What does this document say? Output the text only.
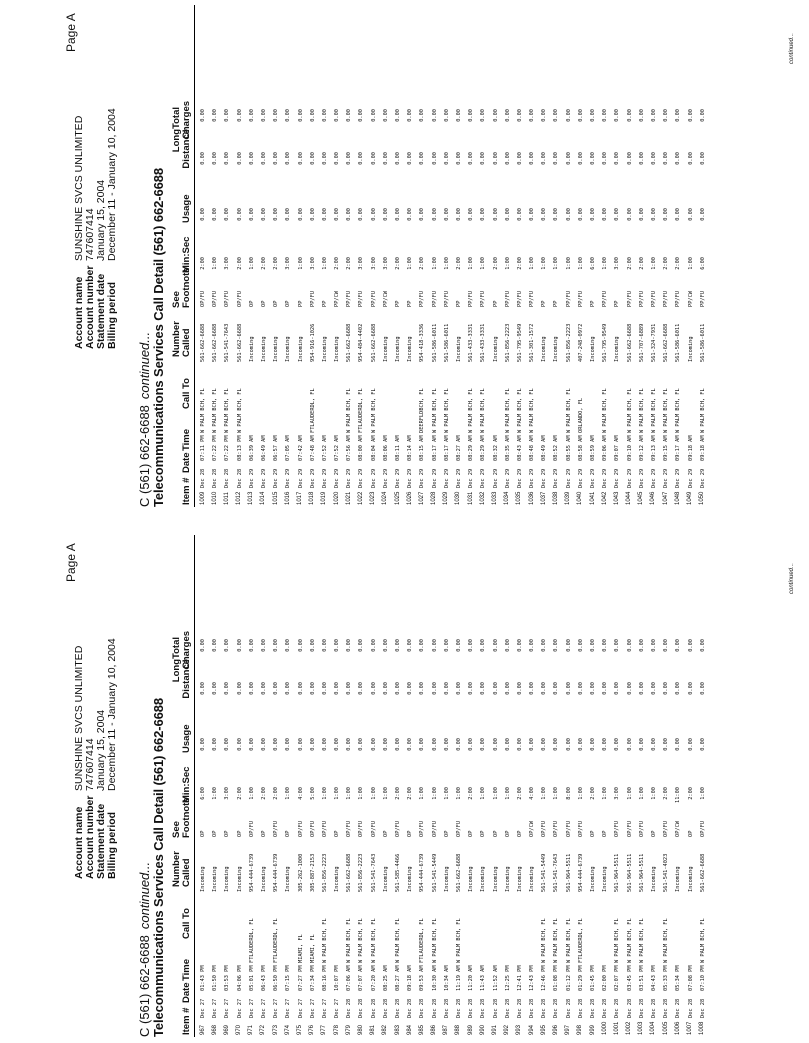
Page A
Account name
SUNSHINE SVCS UNLIMITED
Account number
747607414
Statement date
January 15, 2004
Billing period
December 11 - January 10, 2004
C (561) 662-6688continued... Telecommunications Services Call Detail (561) 662-6688 Item #
Date
Time
Call To
Number Called
See Footnote
Min:Sec
Usage
Long Distance
Total Charges
967
Dec 27
01:43 PM
Incoming
OP
6:00
0.00
0.00
0.00
968
Dec 27
01:50 PM
Incoming
OP
1:00
0.00
0.00
0.00
969
Dec 27
03:53 PM
Incoming
OP
3:00
0.00
0.00
0.00
970
Dec 27
04:06 PM
Incoming
OP
2:00
0.00
0.00
0.00
971
Dec 27
05:01 PM
FTLAUDERDL, FL
954-444-6739
OP/FU
1:00
0.00
0.00
0.00
972
Dec 27
06:43 PM
Incoming
OP
2:00
0.00
0.00
0.00
973
Dec 27
06:50 PM
FTLAUDERDL, FL
954-444-6739
OP/FU
2:00
0.00
0.00
0.00
974
Dec 27
07:15 PM
Incoming
OP
1:00
0.00
0.00
0.00
975
Dec 27
07:27 PM
MIAMI, FL
305-262-1000
OP/FU
4:00
0.00
0.00
0.00
976
Dec 27
07:34 PM
MIAMI, FL
305-887-2153
OP/FU
5:00
0.00
0.00
0.00
977
Dec 27
08:16 PM
W PALM BCH, FL
561-856-2223
OP/FU
1:00
0.00
0.00
0.00
978
Dec 27
10:07 PM
Incoming
OP
1:00
0.00
0.00
0.00
979
Dec 28
07:06 AM
W PALM BCH, FL
561-662-6688
OP/FU
1:00
0.00
0.00
0.00
980
Dec 28
07:07 AM
W PALM BCH, FL
561-856-2223
OP/FU
1:00
0.00
0.00
0.00
981
Dec 28
07:20 AM
W PALM BCH, FL
561-541-7643
OP/FU
1:00
0.00
0.00
0.00
982
Dec 28
08:25 AM
Incoming
OP
1:00
0.00
0.00
0.00
983
Dec 28
08:27 AM
W PALM BCH, FL
561-585-4466
OP/FU
2:00
0.00
0.00
0.00
984
Dec 28
09:18 AM
Incoming
OP
2:00
0.00
0.00
0.00
985
Dec 28
09:53 AM
FTLAUDERDL, FL
954-444-6739
OP/FU
1:00
0.00
0.00
0.00
986
Dec 28
10:30 AM
W PALM BCH, FL
561-541-5449
OP/FU
1:00
0.00
0.00
0.00
987
Dec 28
10:34 AM
Incoming
OP
1:00
0.00
0.00
0.00
988
Dec 28
11:19 AM
W PALM BCH, FL
561-662-6688
OP/FU
1:00
0.00
0.00
0.00
989
Dec 28
11:20 AM
Incoming
OP
2:00
0.00
0.00
0.00
990
Dec 28
11:43 AM
Incoming
OP
1:00
0.00
0.00
0.00
991
Dec 28
11:52 AM
Incoming
OP
1:00
0.00
0.00
0.00
992
Dec 28
12:25 PM
Incoming
OP
1:00
0.00
0.00
0.00
993
Dec 28
12:41 PM
Incoming
OP
2:00
0.00
0.00
0.00
994
Dec 28
12:43 PM
Incoming
OP/CW
4:00
0.00
0.00
0.00
995
Dec 28
12:46 PM
W PALM BCH, FL
561-541-5449
OP/FU
1:00
0.00
0.00
0.00
996
Dec 28
01:08 PM
W PALM BCH, FL
561-541-7643
OP/FU
1:00
0.00
0.00
0.00
997
Dec 28
01:12 PM
W PALM BCH, FL
561-964-5511
OP/FU
8:00
0.00
0.00
0.00
998
Dec 28
01:29 PM
FTLAUDERDL, FL
954-444-6739
OP/FU
1:00
0.00
0.00
0.00
999
Dec 28
01:45 PM
Incoming
OP
2:00
0.00
0.00
0.00
1000
Dec 28
02:00 PM
Incoming
OP
1:00
0.00
0.00
0.00
1001
Dec 28
02:07 PM
W PALM BCH, FL
561-964-5511
OP/FU
3:00
0.00
0.00
0.00
1002
Dec 28
03:45 PM
W PALM BCH, FL
561-964-5511
OP/FU
1:00
0.00
0.00
0.00
1003
Dec 28
03:51 PM
W PALM BCH, FL
561-964-5511
OP/FU
1:00
0.00
0.00
0.00
1004
Dec 28
04:43 PM
Incoming
OP
1:00
0.00
0.00
0.00
1005
Dec 28
05:33 PM
W PALM BCH, FL
561-541-4023
OP/FU
2:00
0.00
0.00
0.00
1006
Dec 28
05:34 PM
Incoming
OP/CW
11:00
0.00
0.00
0.00
1007
Dec 28
07:08 PM
Incoming
OP
2:00
0.00
0.00
0.00
1008
Dec 28
07:10 PM
W PALM BCH, FL
561-662-6688
OP/FU
1:00
0.00
0.00
0.00
continued...
Page A
Account name
SUNSHINE SVCS UNLIMITED
Account number
747607414
Statement date
January 15, 2004
Billing period
December 11 - January 10, 2004
C (561) 662-6688continued... Telecommunications Services Call Detail (561) 662-6688 Item #
Date
Time
Call To
Number Called
See Footnote
Min:Sec
Usage
Long Distance
Total Charges
1009
Dec 28
07:11 PM
W PALM BCH, FL
561-662-6688
OP/FU
2:00
0.00
0.00
0.00
1010
Dec 28
07:22 PM
W PALM BCH, FL
561-662-6688
OP/FU
1:00
0.00
0.00
0.00
1011
Dec 28
07:22 PM
W PALM BCH, FL
561-541-7643
OP/FU
3:00
0.00
0.00
0.00
1012
Dec 28
08:13 PM
W PALM BCH, FL
561-662-6688
OP/FU
2:00
0.00
0.00
0.00
1013
Dec 29
06:39 AM
Incoming
OP
1:00
0.00
0.00
0.00
1014
Dec 29
06:49 AM
Incoming
OP
2:00
0.00
0.00
0.00
1015
Dec 29
06:57 AM
Incoming
OP
2:00
0.00
0.00
0.00
1016
Dec 29
07:05 AM
Incoming
OP
3:00
0.00
0.00
0.00
1017
Dec 29
07:42 AM
Incoming
PP
1:00
0.00
0.00
0.00
1018
Dec 29
07:48 AM
FTLAUDERDL, FL
954-916-1026
PP/FU
3:00
0.00
0.00
0.00
1019
Dec 29
07:52 AM
Incoming
PP
1:00
0.00
0.00
0.00
1020
Dec 29
07:52 AM
Incoming
PP/CW
2:00
0.00
0.00
0.00
1021
Dec 29
07:56 AM
W PALM BCH, FL
561-662-6688
PP/FU
2:00
0.00
0.00
0.00
1022
Dec 29
08:00 AM
FTLAUDERDL, FL
954-484-4402
PP/FU
3:00
0.00
0.00
0.00
1023
Dec 29
08:04 AM
W PALM BCH, FL
561-662-6688
PP/FU
3:00
0.00
0.00
0.00
1024
Dec 29
08:06 AM
Incoming
PP/CW
3:00
0.00
0.00
0.00
1025
Dec 29
08:11 AM
Incoming
PP
2:00
0.00
0.00
0.00
1026
Dec 29
08:14 AM
Incoming
PP
1:00
0.00
0.00
0.00
1027
Dec 29
08:15 AM
DEERFLDBCH, FL
954-418-3336
PP/FU
2:00
0.00
0.00
0.00
1028
Dec 29
08:17 AM
W PALM BCH, FL
561-586-6011
PP/FU
1:00
0.00
0.00
0.00
1029
Dec 29
08:17 AM
W PALM BCH, FL
561-586-6011
PP/FU
1:00
0.00
0.00
0.00
1030
Dec 29
08:27 AM
Incoming
PP
2:00
0.00
0.00
0.00
1031
Dec 29
08:29 AM
W PALM BCH, FL
561-433-3331
PP/FU
1:00
0.00
0.00
0.00
1032
Dec 29
08:29 AM
W PALM BCH, FL
561-433-3331
PP/FU
1:00
0.00
0.00
0.00
1033
Dec 29
08:32 AM
Incoming
PP
2:00
0.00
0.00
0.00
1034
Dec 29
08:35 AM
W PALM BCH, FL
561-856-2223
PP/FU
1:00
0.00
0.00
0.00
1035
Dec 29
08:43 AM
W PALM BCH, FL
561-795-9549
PP/FU
2:00
0.00
0.00
0.00
1036
Dec 29
08:48 AM
W PALM BCH, FL
561-301-1572
PP/FU
1:00
0.00
0.00
0.00
1037
Dec 29
08:49 AM
Incoming
PP
1:00
0.00
0.00
0.00
1038
Dec 29
08:52 AM
Incoming
PP
1:00
0.00
0.00
0.00
1039
Dec 29
08:55 AM
W PALM BCH, FL
561-856-2223
PP/FU
1:00
0.00
0.00
0.00
1040
Dec 29
08:58 AM
ORLANDO, FL
407-248-0972
PP/FU
1:00
0.00
0.00
0.00
1041
Dec 29
08:59 AM
Incoming
PP
6:00
0.00
0.00
0.00
1042
Dec 29
09:06 AM
W PALM BCH, FL
561-795-9549
PP/FU
1:00
0.00
0.00
0.00
1043
Dec 29
09:07 AM
Incoming
PP
3:00
0.00
0.00
0.00
1044
Dec 29
09:10 AM
W PALM BCH, FL
561-662-6688
PP/FU
2:00
0.00
0.00
0.00
1045
Dec 29
09:12 AM
W PALM BCH, FL
561-707-6889
PP/FU
2:00
0.00
0.00
0.00
1046
Dec 29
09:13 AM
W PALM BCH, FL
561-324-7931
PP/FU
1:00
0.00
0.00
0.00
1047
Dec 29
09:15 AM
W PALM BCH, FL
561-662-6688
PP/FU
2:00
0.00
0.00
0.00
1048
Dec 29
09:17 AM
W PALM BCH, FL
561-586-6011
PP/FU
2:00
0.00
0.00
0.00
1049
Dec 29
09:18 AM
Incoming
PP/CW
1:00
0.00
0.00
0.00
1050
Dec 29
09:18 AM
W PALM BCH, FL
561-586-6011
PP/FU
6:00
0.00
0.00
0.00
continued...
